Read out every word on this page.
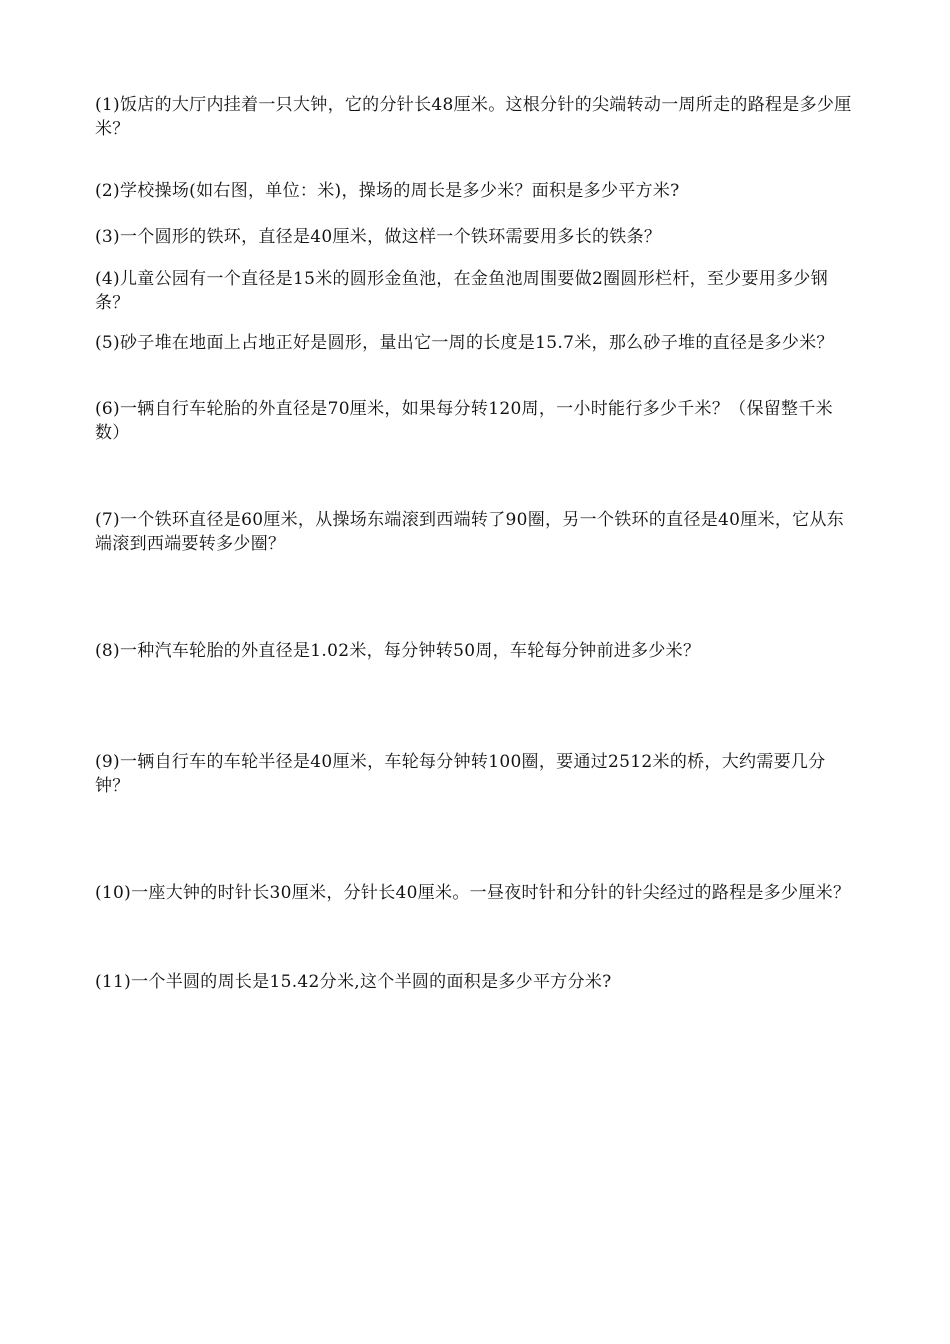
(1)饭店的大厅内挂着一只大钟，它的分针长48厘米。这根分针的尖端转动一周所走的路程是多少厘米？

(2)学校操场(如右图，单位：米)，操场的周长是多少米？面积是多少平方米?

(3)一个圆形的铁环，直径是40厘米，做这样一个铁环需要用多长的铁条？

(4)儿童公园有一个直径是15米的圆形金鱼池，在金鱼池周围要做2圈圆形栏杆，至少要用多少钢条？

(5)砂子堆在地面上占地正好是圆形，量出它一周的长度是15.7米，那么砂子堆的直径是多少米？

(6)一辆自行车轮胎的外直径是70厘米，如果每分转120周，一小时能行多少千米？（保留整千米数）

(7)一个铁环直径是60厘米，从操场东端滚到西端转了90圈，另一个铁环的直径是40厘米，它从东端滚到西端要转多少圈？

(8)一种汽车轮胎的外直径是1.02米，每分钟转50周，车轮每分钟前进多少米？

(9)一辆自行车的车轮半径是40厘米，车轮每分钟转100圈，要通过2512米的桥，大约需要几分钟？

(10)一座大钟的时针长30厘米，分针长40厘米。一昼夜时针和分针的针尖经过的路程是多少厘米？

(11)一个半圆的周长是15.42分米,这个半圆的面积是多少平方分米?
